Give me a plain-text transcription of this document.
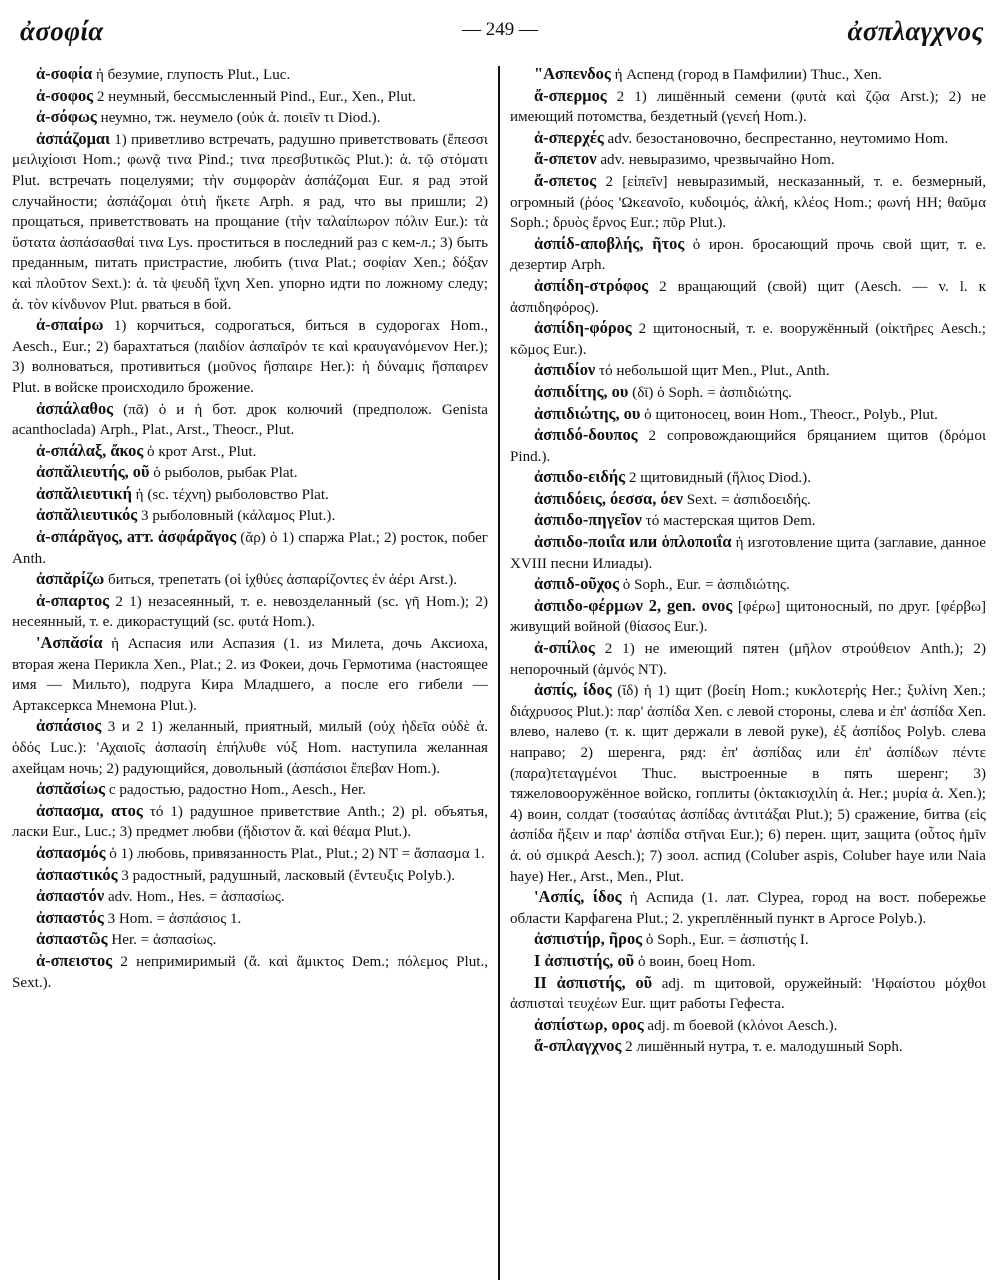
ἀσοφία	— 249 —	ἀσπλαγχνος

ἀ-σοφία ἡ безумие, глупость Plut., Luc.

ἀ-σοφος 2 неумный, бессмысленный Pind., Eur., Xen., Plut.

ἀ-σόφως неумно, тж. неумело (οὐκ ἀ. ποιεῖν τι Diod.).

ἀσπάζομαι 1) приветливо встречать, радушно приветствовать (ἔπεσσι μειλιχίοισι Hom.; φωνᾷ τινα Pind.; τινα πρεσβυτικῶς Plut.): ἀ. τῷ στόματι Plut. встречать поцелуями; τὴν συμφορὰν ἀσπάζομαι Eur. я рад этой случайности; ἀσπάζομαι ὁτιὴ ἥκετε Arph. я рад, что вы пришли; 2) прощаться, приветствовать на прощание (τὴν ταλαίπωρον πόλιν Eur.): τὰ ὕστατα ἀσπάσασθαί τινα Lys. проститься в последний раз с кем-л.; 3) быть преданным, питать пристрастие, любить (τινα Plat.; σοφίαν Xen.; δόξαν καὶ πλοῦτον Sext.): ἀ. τὰ ψευδῆ ἴχνη Xen. упорно идти по ложному следу; ἀ. τὸν κίνδυνον Plut. рваться в бой.

ἀ-σπαίρω 1) корчиться, содрогаться, биться в судорогах Hom., Aesch., Eur.; 2) барахтаться (παιδίον ἀσπαῖρόν τε καὶ κραυγανόμενον Her.); 3) волноваться, противиться (μοῦνος ἤσπαιρε Her.): ἡ δύναμις ἤσπαιρεν Plut. в войске происходило брожение.

ἀσπάλαθος (πᾶ) ὁ и ἡ бот. дрок колючий (предполож. Genista acanthoclada) Arph., Plat., Arst., Theocr., Plut.

ἀ-σπάλαξ, ἄκος ὁ крот Arst., Plut.

ἀσπᾰλιευτής, οῦ ὁ рыболов, рыбак Plat.

ἀσπᾰλιευτική ἡ (sc. τέχνη) рыболовство Plat.

ἀσπᾰλιευτικός 3 рыболовный (κάλαμος Plut.).

ἀ-σπάρᾰγος, атт. ἀσφάρᾰγος (ᾰρ) ὁ 1) спаржа Plat.; 2) росток, побег Anth.

ἀσπᾰρίζω биться, трепетать (οἱ ἰχθύες ἀσπαρίζοντες ἐν ἀέρι Arst.).

ἀ-σπαρτος 2 1) незасеянный, т. е. невозделанный (sc. γῆ Hom.); 2) несеянный, т. е. дикорастущий (sc. φυτά Hom.).

'Ασπᾰσία ἡ Аспасия или Аспазия (1. из Милета, дочь Аксиоха, вторая жена Перикла Xen., Plat.; 2. из Фокеи, дочь Гермотима (настоящее имя — Мильто), подруга Кира Младшего, а после его гибели — Артаксеркса Мнемона Plut.).

ἀσπάσιος 3 и 2 1) желанный, приятный, милый (οὐχ ἡδεῖα οὐδὲ ἀ. ὁδός Luc.): 'Αχαιοῖς ἀσπασίη ἐπήλυθε νύξ Hom. наступила желанная ахейцам ночь; 2) радующийся, довольный (ἀσπάσιοι ἔπεβαν Hom.).

ἀσπᾰσίως с радостью, радостно Hom., Aesch., Her.

ἀσπασμα, ατος τό 1) радушное приветствие Anth.; 2) pl. объятья, ласки Eur., Luc.; 3) предмет любви (ἥδιστον ἄ. καὶ θέαμα Plut.).

ἀσπασμός ὁ 1) любовь, привязанность Plat., Plut.; 2) NT = ἄσπασμα 1.

ἀσπαστικός 3 радостный, радушный, ласковый (ἔντευξις Polyb.).

ἀσπαστόν adv. Hom., Hes. = ἀσπασίως.

ἀσπαστός 3 Hom. = ἀσπάσιος 1.

ἀσπαστῶς Her. = ἀσπασίως.

ἀ-σπειστος 2 непримиримый (ἄ. καὶ ἄμικτος Dem.; πόλεμος Plut., Sext.).

"Ασπενδος ἡ Аспенд (город в Памфилии) Thuc., Xen.

ἄ-σπερμος 2 1) лишённый семени (φυτὰ καὶ ζῷα Arst.); 2) не имеющий потомства, бездетный (γενεή Hom.).

ἀ-σπερχές adv. безостановочно, беспрестанно, неутомимо Hom.

ἄ-σπετον adv. невыразимо, чрезвычайно Hom.

ἄ-σπετος 2 [εἰπεῖν] невыразимый, несказанный, т. е. безмерный, огромный (ῥόος 'Ωκεανοῖο, κυδοιμός, ἀλκή, κλέος Hom.; φωνή HH; θαῦμα Soph.; δρυὸς ἔρνος Eur.; πῦρ Plut.).

ἀσπίδ-αποβλής, ῆτος ὁ ирон. бросающий прочь свой щит, т. е. дезертир Arph.

ἀσπίδη-στρόφος 2 вращающий (свой) щит (Aesch. — v. l. к ἀσπιδηφόρος).

ἀσπίδη-φόρος 2 щитоносный, т. е. вооружённый (οἰκτῆρες Aesch.; κῶμος Eur.).

ἀσπιδίον τό небольшой щит Men., Plut., Anth.

ἀσπιδίτης, ου (δῑ) ὁ Soph. = ἀσπιδιώτης.

ἀσπιδιώτης, ου ὁ щитоносец, воин Hom., Theocr., Polyb., Plut.

ἀσπιδό-δουπος 2 сопровождающийся бряцанием щитов (δρόμοι Pind.).

ἀσπιδο-ειδής 2 щитовидный (ἥλιος Diod.).

ἀσπιδόεις, όεσσα, όεν Sext. = ἀσπιδοειδής.

ἀσπιδο-πηγεῖον τό мастерская щитов Dem.

ἀσπιδο-ποιΐα или ὁπλοποιΐα ἡ изготовление щита (заглавие, данное XVIII песни Илиады).

ἀσπιδ-οῦχος ὁ Soph., Eur. = ἀσπιδιώτης.

ἀσπιδο-φέρμων 2, gen. ονος [φέρω] щитоносный, по друг. [φέρβω] живущий войной (θίασος Eur.).

ἀ-σπίλος 2 1) не имеющий пятен (μῆλον στρούθειον Anth.); 2) непорочный (ἀμνός NT).

ἀσπίς, ίδος (ῐδ) ἡ 1) щит (βοείη Hom.; κυκλοτερής Her.; ξυλίνη Xen.; διάχρυσος Plut.): παρ' ἀσπίδα Xen. с левой стороны, слева и ἐπ' ἀσπίδα Xen. влево, налево (т. к. щит держали в левой руке), ἐξ ἀσπίδος Polyb. слева направо; 2) шеренга, ряд: ἐπ' ἀσπίδας или ἐπ' ἀσπίδων πέντε (παρα)τεταγμένοι Thuc. выстроенные в пять шеренг; 3) тяжеловооружённое войско, гоплиты (ὀκτακισχιλίη ἀ. Her.; μυρία ἀ. Xen.); 4) воин, солдат (τοσαύτας ἀσπίδας ἀντιτάξαι Plut.); 5) сражение, битва (εἰς ἀσπίδα ἥξειν и παρ' ἀσπίδα στῆναι Eur.); 6) перен. щит, защита (οὗτος ἡμῖν ἀ. οὐ σμικρά Aesch.); 7) зоол. аспид (Coluber aspis, Coluber haye или Naia haye) Her., Arst., Men., Plut.

'Ασπίς, ίδος ἡ Аспида (1. лат. Clypea, город на вост. побережье области Карфагена Plut.; 2. укреплённый пункт в Аргосе Polyb.).

ἀσπιστήρ, ῆρος ὁ Soph., Eur. = ἀσπιστής I.

I ἀσπιστής, οῦ ὁ воин, боец Hom.

II ἀσπιστής, οῦ adj. m щитовой, оружейный: 'Ηφαίστου μόχθοι ἀσπισταὶ τευχέων Eur. щит работы Гефеста.

ἀσπίστωρ, ορος adj. m боевой (κλόνοι Aesch.).

ἄ-σπλαγχνος 2 лишённый нутра, т. е. малодушный Soph.
